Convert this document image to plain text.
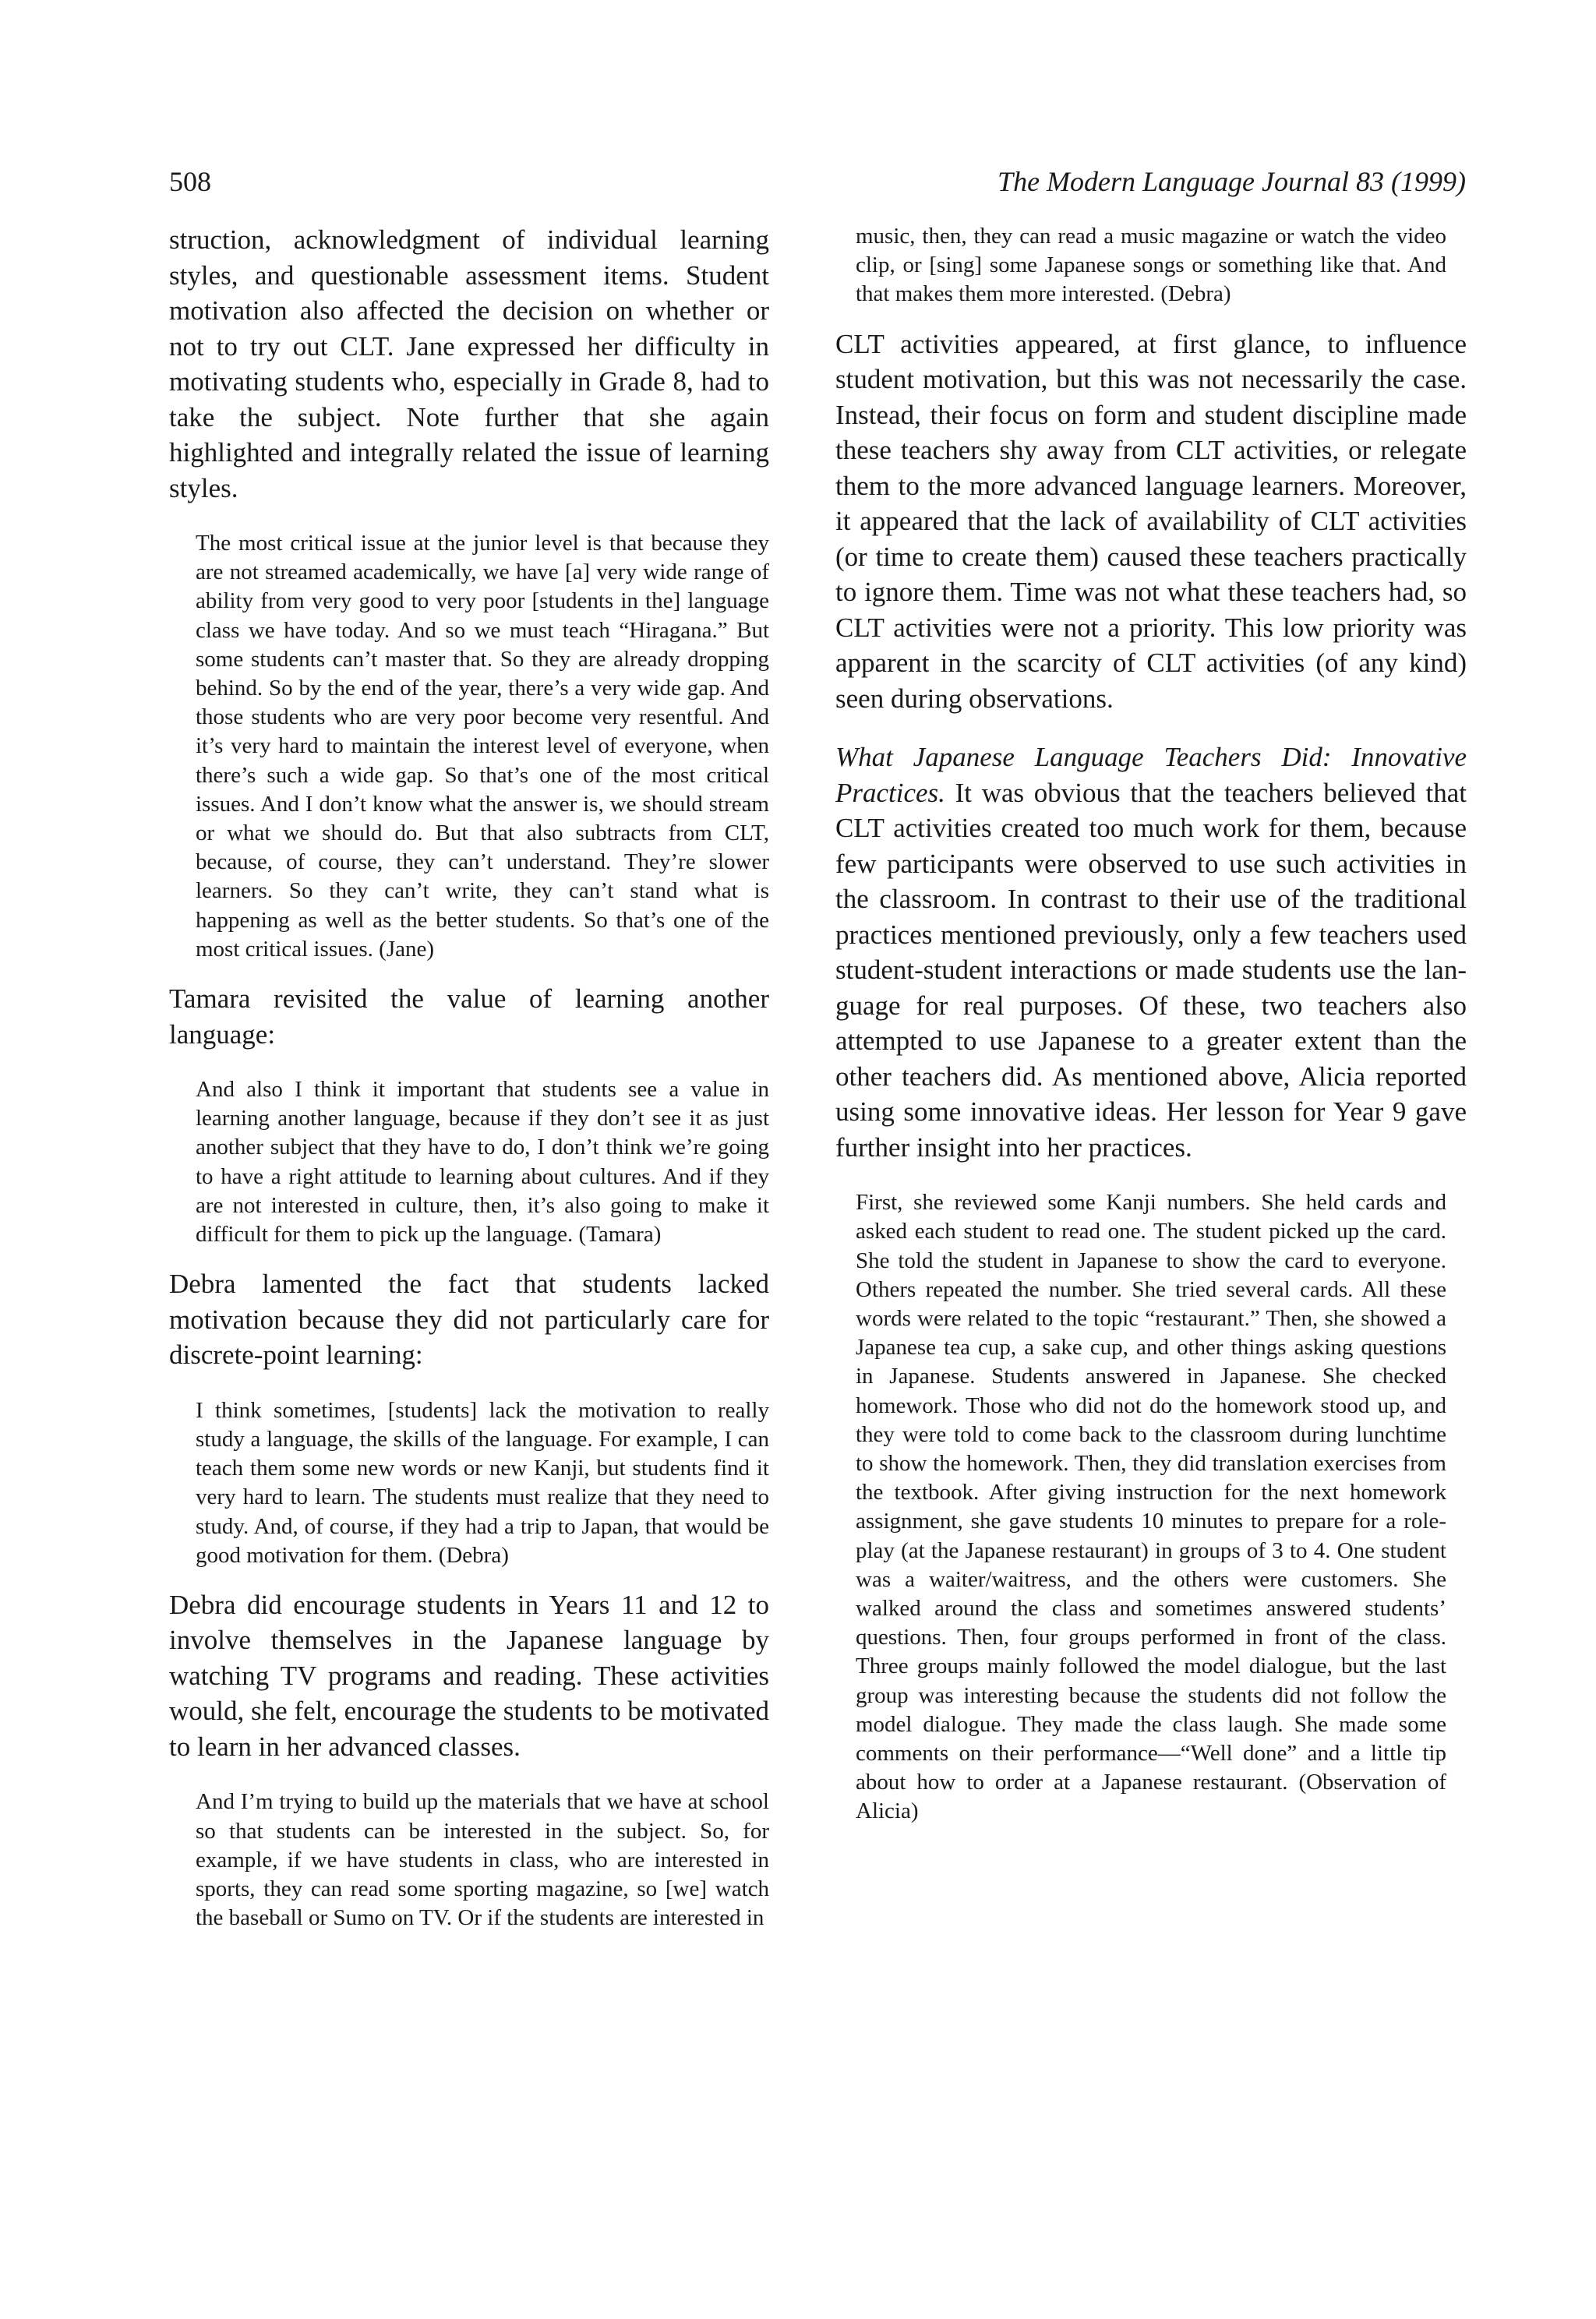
508	The Modern Language Journal 83 (1999)

struction, acknowledgment of individual learning styles, and questionable assessment items. Student motivation also affected the decision on whether or not to try out CLT. Jane expressed her difficulty in motivating students who, especially in Grade 8, had to take the subject. Note further that she again highlighted and integrally related the issue of learning styles.

The most critical issue at the junior level is that because they are not streamed academically, we have [a] very wide range of ability from very good to very poor [students in the] language class we have today. And so we must teach “Hiragana.” But some students can’t master that. So they are already dropping behind. So by the end of the year, there’s a very wide gap. And those students who are very poor become very resentful. And it’s very hard to maintain the interest level of everyone, when there’s such a wide gap. So that’s one of the most critical issues. And I don’t know what the answer is, we should stream or what we should do. But that also subtracts from CLT, because, of course, they can’t understand. They’re slower learners. So they can’t write, they can’t stand what is happening as well as the better students. So that’s one of the most critical issues. (Jane)

Tamara revisited the value of learning another language:

And also I think it important that students see a value in learning another language, because if they don’t see it as just another subject that they have to do, I don’t think we’re going to have a right attitude to learning about cultures. And if they are not interested in culture, then, it’s also going to make it difficult for them to pick up the language. (Tamara)

Debra lamented the fact that students lacked motivation because they did not particularly care for discrete-point learning:

I think sometimes, [students] lack the motivation to really study a language, the skills of the language. For example, I can teach them some new words or new Kanji, but students find it very hard to learn. The students must realize that they need to study. And, of course, if they had a trip to Japan, that would be good motivation for them. (Debra)

Debra did encourage students in Years 11 and 12 to involve themselves in the Japanese language by watching TV programs and reading. These activities would, she felt, encourage the students to be motivated to learn in her advanced classes.

And I’m trying to build up the materials that we have at school so that students can be interested in the subject. So, for example, if we have students in class, who are interested in sports, they can read some sporting magazine, so [we] watch the baseball or Sumo on TV. Or if the students are interested in

music, then, they can read a music magazine or watch the video clip, or [sing] some Japanese songs or something like that. And that makes them more interested. (Debra)

CLT activities appeared, at first glance, to influence student motivation, but this was not necessarily the case. Instead, their focus on form and student discipline made these teachers shy away from CLT activities, or relegate them to the more advanced language learners. Moreover, it appeared that the lack of availability of CLT activities (or time to create them) caused these teachers practically to ignore them. Time was not what these teachers had, so CLT activities were not a priority. This low priority was apparent in the scarcity of CLT activities (of any kind) seen during observations.

What Japanese Language Teachers Did: Innovative Practices. It was obvious that the teachers believed that CLT activities created too much work for them, because few participants were observed to use such activities in the classroom. In contrast to their use of the traditional practices mentioned previously, only a few teachers used student-student interactions or made students use the language for real purposes. Of these, two teachers also attempted to use Japanese to a greater extent than the other teachers did. As mentioned above, Alicia reported using some innovative ideas. Her lesson for Year 9 gave further insight into her practices.

First, she reviewed some Kanji numbers. She held cards and asked each student to read one. The student picked up the card. She told the student in Japanese to show the card to everyone. Others repeated the number. She tried several cards. All these words were related to the topic “restaurant.” Then, she showed a Japanese tea cup, a sake cup, and other things asking questions in Japanese. Students answered in Japanese. She checked homework. Those who did not do the homework stood up, and they were told to come back to the classroom during lunchtime to show the homework. Then, they did translation exercises from the textbook. After giving instruction for the next homework assignment, she gave students 10 minutes to prepare for a role-play (at the Japanese restaurant) in groups of 3 to 4. One student was a waiter/waitress, and the others were customers. She walked around the class and sometimes answered students’ questions. Then, four groups performed in front of the class. Three groups mainly followed the model dialogue, but the last group was interesting because the students did not follow the model dialogue. They made the class laugh. She made some comments on their performance—“Well done” and a little tip about how to order at a Japanese restaurant. (Observation of Alicia)
